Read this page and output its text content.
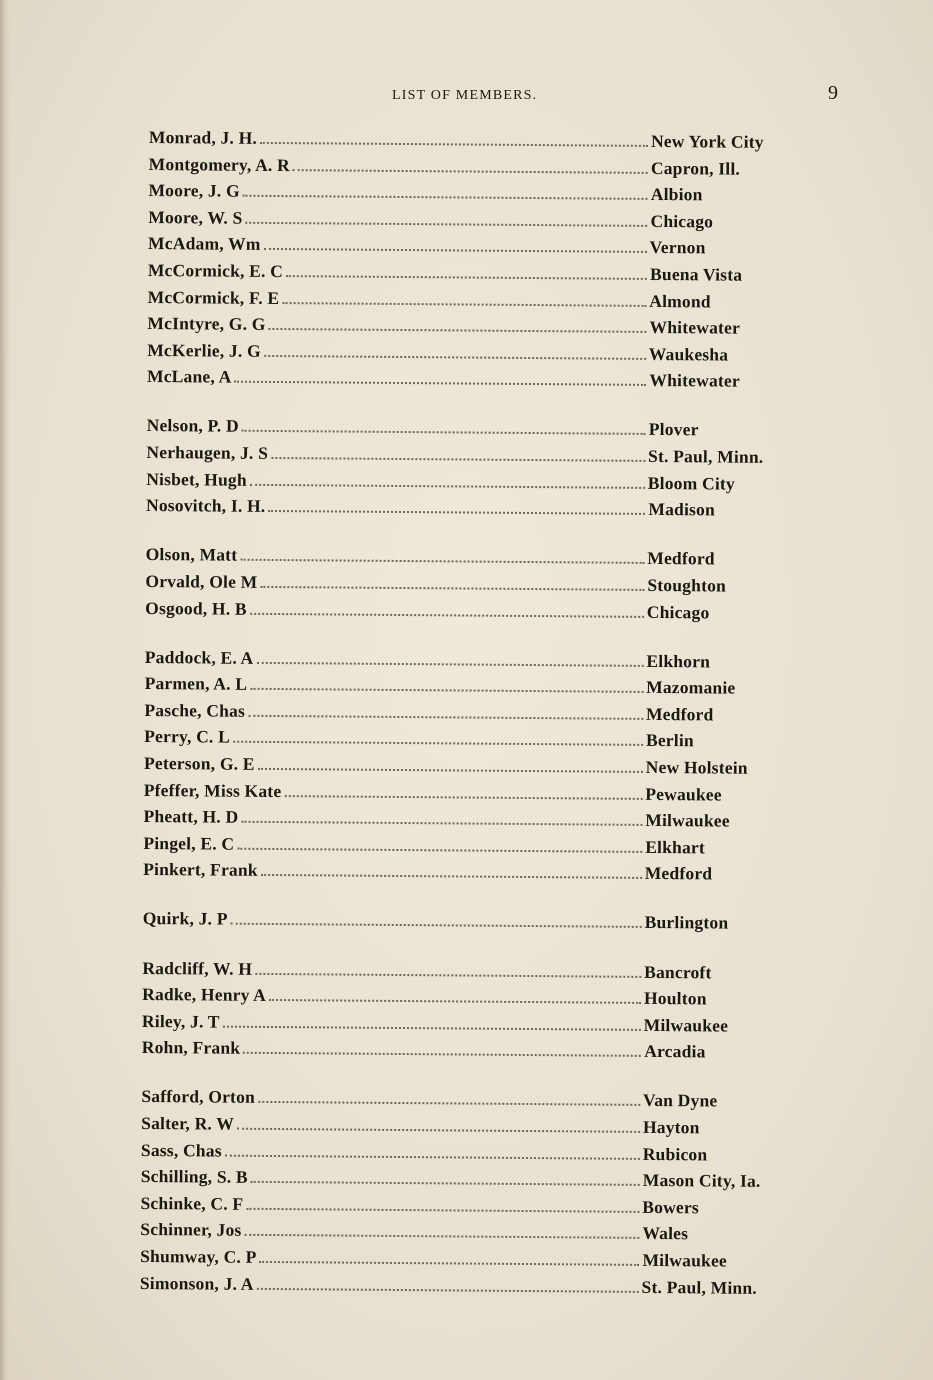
LIST OF MEMBERS.	9
Monrad, J. H.	New York City
Montgomery, A. R	Capron, Ill.
Moore, J. G	Albion
Moore, W. S	Chicago
McAdam, Wm	Vernon
McCormick, E. C	Buena Vista
McCormick, F. E	Almond
McIntyre, G. G	Whitewater
McKerlie, J. G	Waukesha
McLane, A	Whitewater
Nelson, P. D	Plover
Nerhaugen, J. S	St. Paul, Minn.
Nisbet, Hugh	Bloom City
Nosovitch, I. H.	Madison
Olson, Matt	Medford
Orvald, Ole M	Stoughton
Osgood, H. B	Chicago
Paddock, E. A	Elkhorn
Parmen, A. L	Mazomanie
Pasche, Chas	Medford
Perry, C. L	Berlin
Peterson, G. E	New Holstein
Pfeffer, Miss Kate	Pewaukee
Pheatt, H. D	Milwaukee
Pingel, E. C	Elkhart
Pinkert, Frank	Medford
Quirk, J. P	Burlington
Radcliff, W. H	Bancroft
Radke, Henry A	Houlton
Riley, J. T	Milwaukee
Rohn, Frank	Arcadia
Safford, Orton	Van Dyne
Salter, R. W	Hayton
Sass, Chas	Rubicon
Schilling, S. B	Mason City, Ia.
Schinke, C. F	Bowers
Schinner, Jos	Wales
Shumway, C. P	Milwaukee
Simonson, J. A	St. Paul, Minn.
